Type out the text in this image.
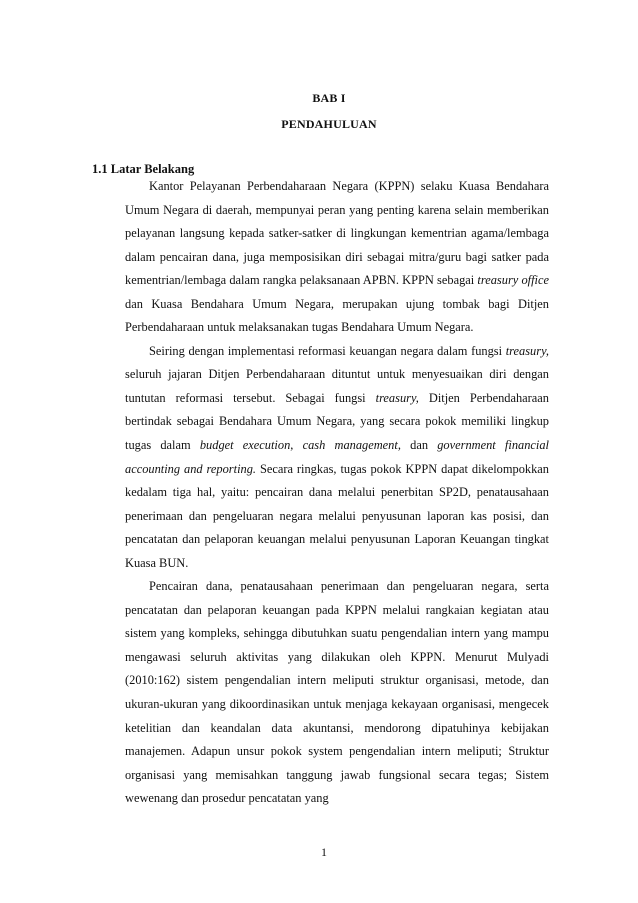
BAB I
PENDAHULUAN
1.1 Latar Belakang

Kantor Pelayanan Perbendaharaan Negara (KPPN) selaku Kuasa Bendahara Umum Negara di daerah, mempunyai peran yang penting karena selain memberikan pelayanan langsung kepada satker-satker di lingkungan kementrian agama/lembaga dalam pencairan dana, juga memposisikan diri sebagai mitra/guru bagi satker pada kementrian/lembaga dalam rangka pelaksanaan APBN. KPPN sebagai treasury office dan Kuasa Bendahara Umum Negara, merupakan ujung tombak bagi Ditjen Perbendaharaan untuk melaksanakan tugas Bendahara Umum Negara.

Seiring dengan implementasi reformasi keuangan negara dalam fungsi treasury, seluruh jajaran Ditjen Perbendaharaan dituntut untuk menyesuaikan diri dengan tuntutan reformasi tersebut. Sebagai fungsi treasury, Ditjen Perbendaharaan bertindak sebagai Bendahara Umum Negara, yang secara pokok memiliki lingkup tugas dalam budget execution, cash management, dan government financial accounting and reporting. Secara ringkas, tugas pokok KPPN dapat dikelompokkan kedalam tiga hal, yaitu: pencairan dana melalui penerbitan SP2D, penatausahaan penerimaan dan pengeluaran negara melalui penyusunan laporan kas posisi, dan pencatatan dan pelaporan keuangan melalui penyusunan Laporan Keuangan tingkat Kuasa BUN.

Pencairan dana, penatausahaan penerimaan dan pengeluaran negara, serta pencatatan dan pelaporan keuangan pada KPPN melalui rangkaian kegiatan atau sistem yang kompleks, sehingga dibutuhkan suatu pengendalian intern yang mampu mengawasi seluruh aktivitas yang dilakukan oleh KPPN. Menurut Mulyadi (2010:162) sistem pengendalian intern meliputi struktur organisasi, metode, dan ukuran-ukuran yang dikoordinasikan untuk menjaga kekayaan organisasi, mengecek ketelitian dan keandalan data akuntansi, mendorong dipatuhinya kebijakan manajemen. Adapun unsur pokok system pengendalian intern meliputi; Struktur organisasi yang memisahkan tanggung jawab fungsional secara tegas; Sistem wewenang dan prosedur pencatatan yang

1
